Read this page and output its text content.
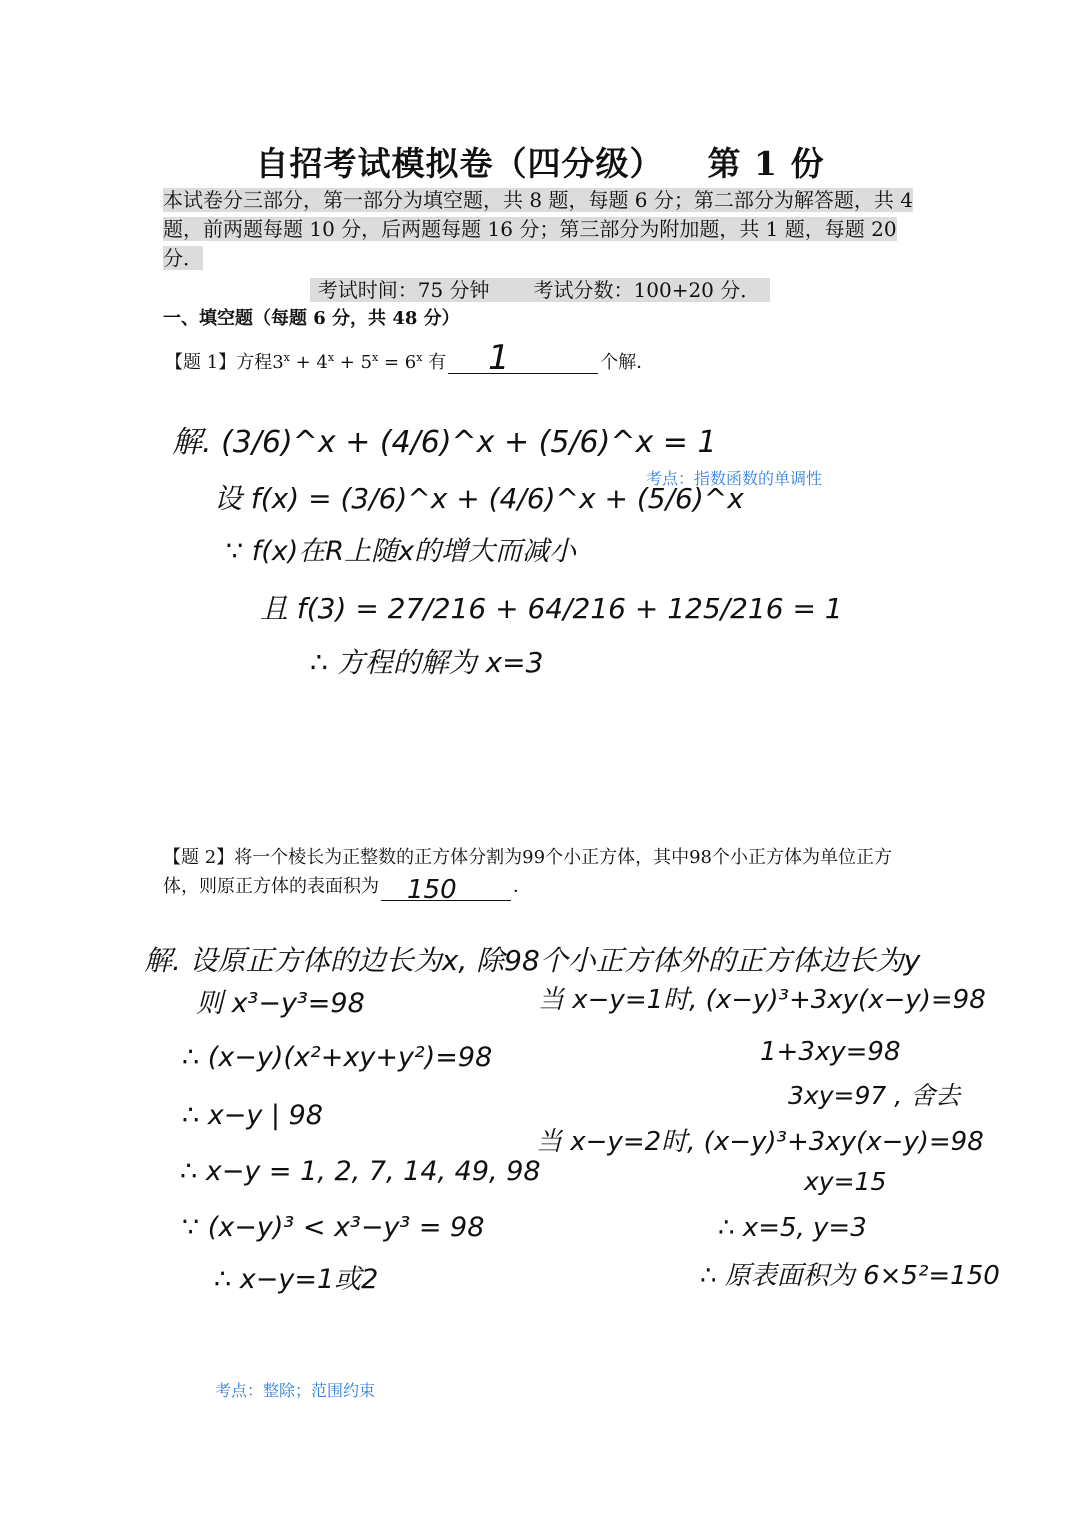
自招考试模拟卷（四分级） 第 1 份
本试卷分三部分，第一部分为填空题，共 8 题，每题 6 分；第二部分为解答题，共 4 题，前两题每题 10 分，后两题每题 16 分；第三部分为附加题，共 1 题，每题 20 分．
考试时间：75 分钟 考试分数：100+20 分．
一、填空题（每题 6 分，共 48 分）
【题 1】方程$3^x + 4^x + 5^x = 6^x$ 有 1	个解．
解. (3/6)^x + (4/6)^x + (5/6)^x = 1
设 f(x) = (3/6)^x + (4/6)^x + (5/6)^x
∵ f(x)在R上随x的增大而减小
且 f(3) = 27/216 + 64/216 + 125/216 = 1
∴ 方程的解为 x=3
解. 设原正方体的边长为x, 除98个小正方体外的正方体边长为y
则 x³−y³=98
∴ (x−y)(x²+xy+y²)=98
∴ x−y | 98
∴ x−y = 1, 2, 7, 14, 49, 98
∵ (x−y)³ < x³−y³ = 98
∴ x−y=1或2
当 x−y=1时, (x−y)³+3xy(x−y)=98
1+3xy=98
3xy=97 , 舍去
当 x−y=2时, (x−y)³+3xy(x−y)=98
xy=15
∴ x=5, y=3
∴ 原表面积为 6×5²=150
考点：指数函数的单调性
【题 2】将一个棱长为正整数的正方体分割为99个小正方体，其中98个小正方体为单位正方体，则原正方体的表面积为 150	．
考点：整除；范围约束
